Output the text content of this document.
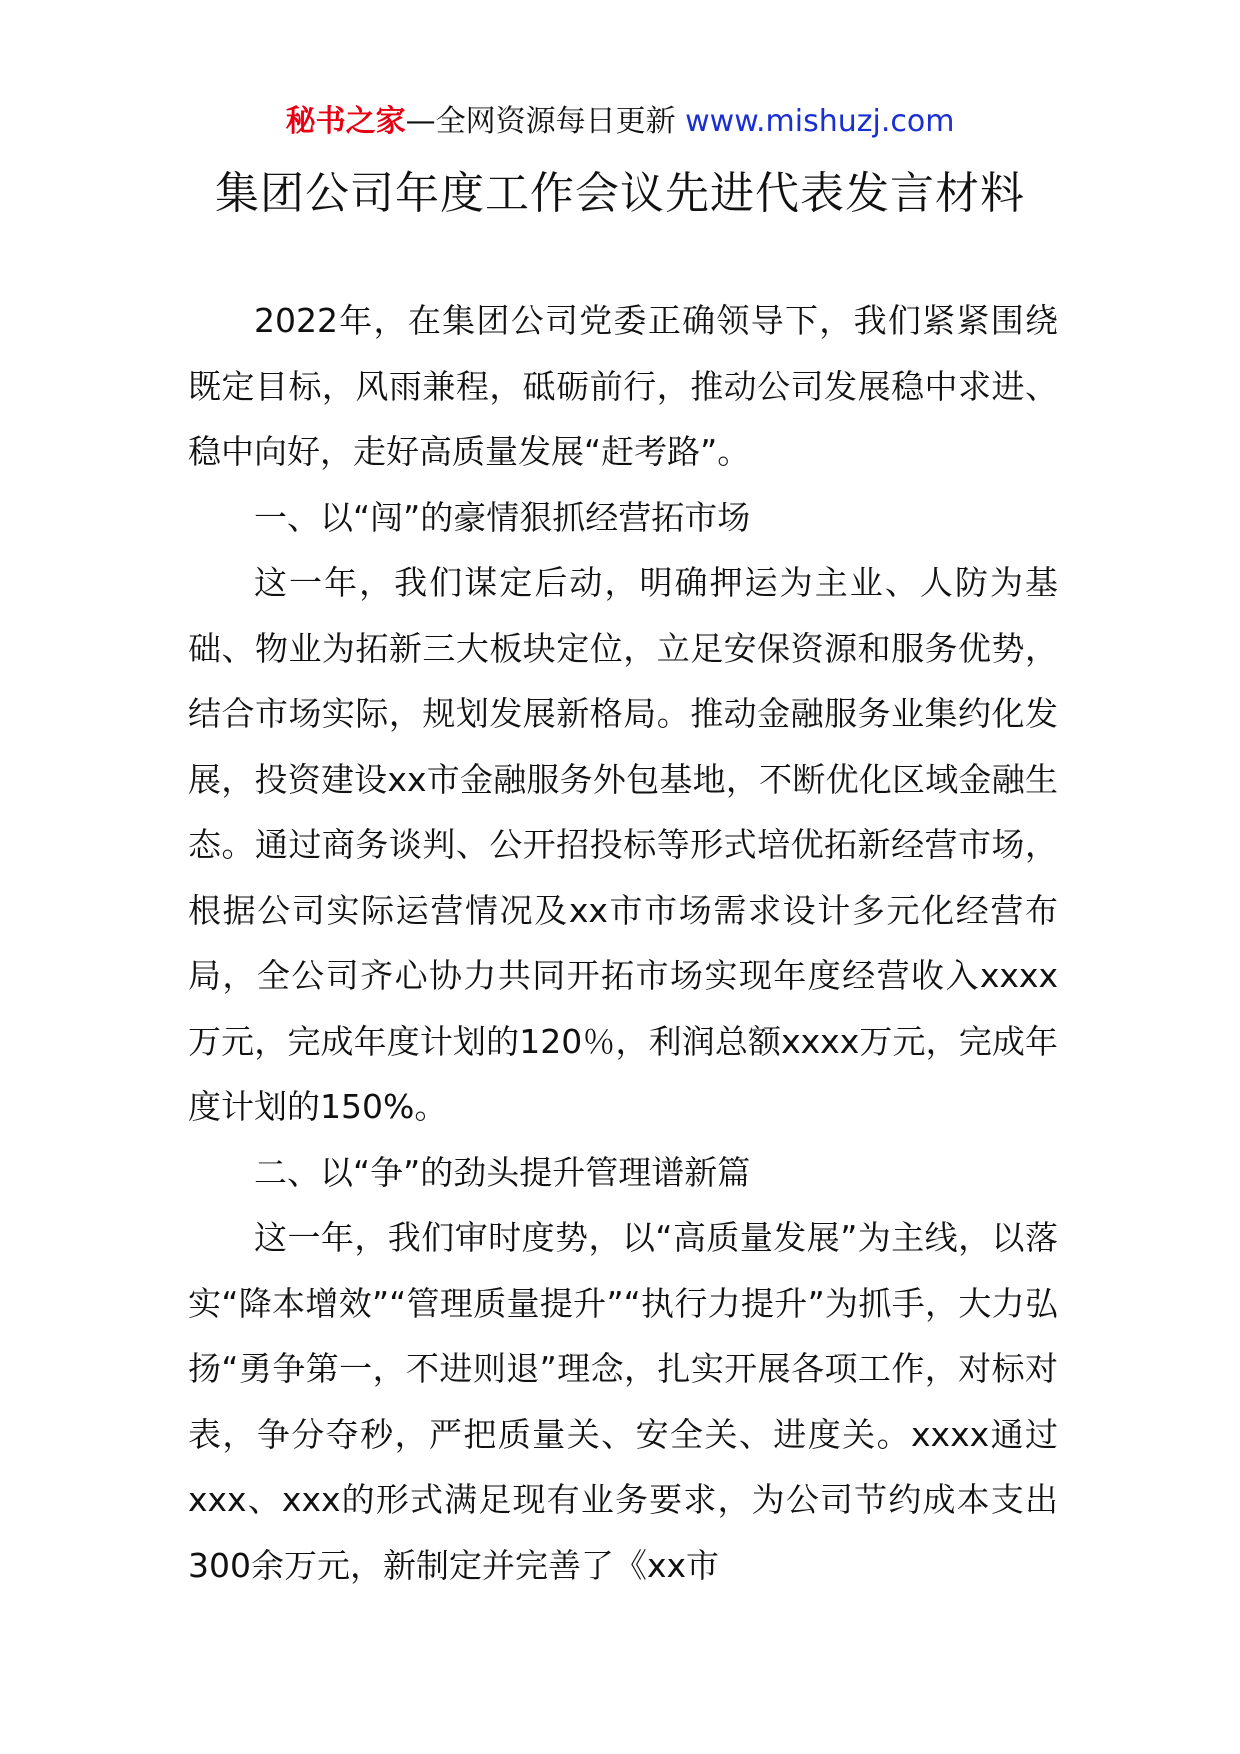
秘书之家—全网资源每日更新 www.mishuzj.com
集团公司年度工作会议先进代表发言材料

2022年，在集团公司党委正确领导下，我们紧紧围绕既定目标，风雨兼程，砥砺前行，推动公司发展稳中求进、稳中向好，走好高质量发展“赶考路”。

一、以“闯”的豪情狠抓经营拓市场

这一年，我们谋定后动，明确押运为主业、人防为基础、物业为拓新三大板块定位，立足安保资源和服务优势，结合市场实际，规划发展新格局。推动金融服务业集约化发展，投资建设xx市金融服务外包基地，不断优化区域金融生态。通过商务谈判、公开招投标等形式培优拓新经营市场，根据公司实际运营情况及xx市市场需求设计多元化经营布局，全公司齐心协力共同开拓市场实现年度经营收入xxxx万元，完成年度计划的120％，利润总额xxxx万元，完成年度计划的150%。

二、以“争”的劲头提升管理谱新篇

这一年，我们审时度势，以“高质量发展”为主线，以落实“降本增效”“管理质量提升”“执行力提升”为抓手，大力弘扬“勇争第一，不进则退”理念，扎实开展各项工作，对标对表，争分夺秒，严把质量关、安全关、进度关。xxxx通过xxx、xxx的形式满足现有业务要求，为公司节约成本支出300余万元，新制定并完善了《xx市
